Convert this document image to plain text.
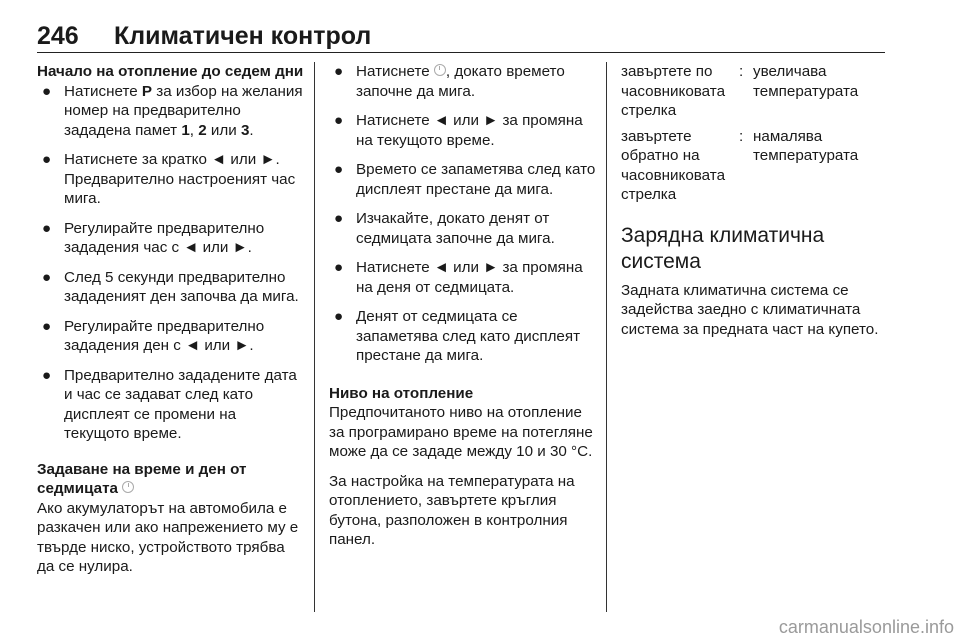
246 Климатичен контрол

Начало на отопление до седем дни

● Натиснете P за избор на желания номер на предварително зададена памет 1, 2 или 3.
● Натиснете за кратко ◄ или ►. Предварително настроеният час мига.
● Регулирайте предварително зададения час с ◄ или ►.
● След 5 секунди предварително зададеният ден започва да мига.
● Регулирайте предварително зададения ден с ◄ или ►.
● Предварително зададените дата и час се задават след като дисплеят се промени на текущото време.

Задаване на време и ден от седмицата

Ако акумулаторът на автомобила е разкачен или ако напрежението му е твърде ниско, устройството трябва да се нулира.

● Натиснете , докато времето започне да мига.
● Натиснете ◄ или ► за промяна на текущото време.
● Времето се запаметява след като дисплеят престане да мига.
● Изчакайте, докато денят от седмицата започне да мига.
● Натиснете ◄ или ► за промяна на деня от седмицата.
● Денят от седмицата се запаметява след като дисплеят престане да мига.

Ниво на отопление

Предпочитаното ниво на отопление за програмирано време на потегляне може да се зададе между 10 и 30 °C.

За настройка на температурата на отоплението, завъртете кръглия бутона, разположен в контролния панел.

завъртете по часовниковата стрелка
: увеличава температурата
завъртете обратно на часовниковата стрелка
: намалява температурата
Зарядна климатична система

Задната климатична система се задейства заедно с климатичната система за предната част на купето.

carmanualsonline.info
